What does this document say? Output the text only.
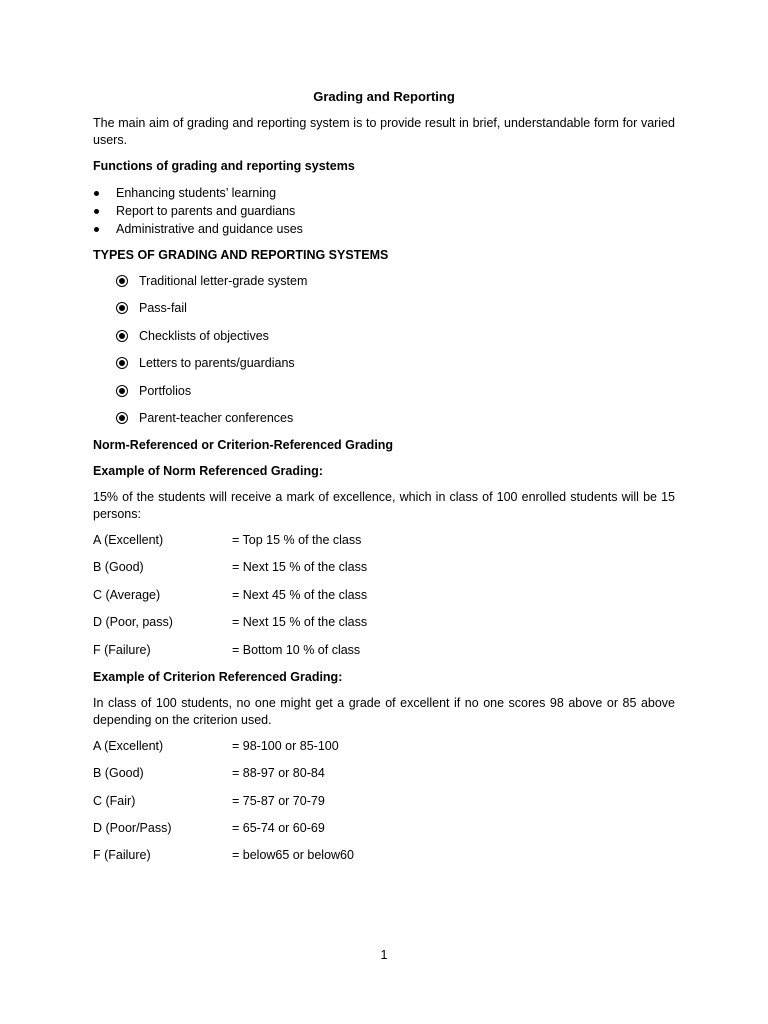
Grading and Reporting

The main aim of grading and reporting system is to provide result in brief, understandable form for varied users.

Functions of grading and reporting systems
Enhancing students’ learning
Report to parents and guardians
Administrative and guidance uses
TYPES OF GRADING AND REPORTING SYSTEMS
Traditional letter-grade system
Pass-fail
Checklists of objectives
Letters to parents/guardians
Portfolios
Parent-teacher conferences
Norm-Referenced or Criterion-Referenced Grading
Example of Norm Referenced Grading:

15% of the students will receive a mark of excellence, which in class of 100 enrolled students will be 15 persons:

A (Excellent)	= Top 15 % of the class
B (Good)	= Next 15 % of the class
C (Average)	= Next 45 % of the class
D (Poor, pass)	= Next 15 % of the class
F (Failure)	= Bottom 10 % of class
Example of Criterion Referenced Grading:

In class of 100 students, no one might get a grade of excellent if no one scores 98 above or 85 above depending on the criterion used.

A (Excellent)	= 98-100 or 85-100
B (Good)	= 88-97 or 80-84
C (Fair)	= 75-87 or 70-79
D (Poor/Pass)	= 65-74 or 60-69
F (Failure)	= below65 or below60
1
